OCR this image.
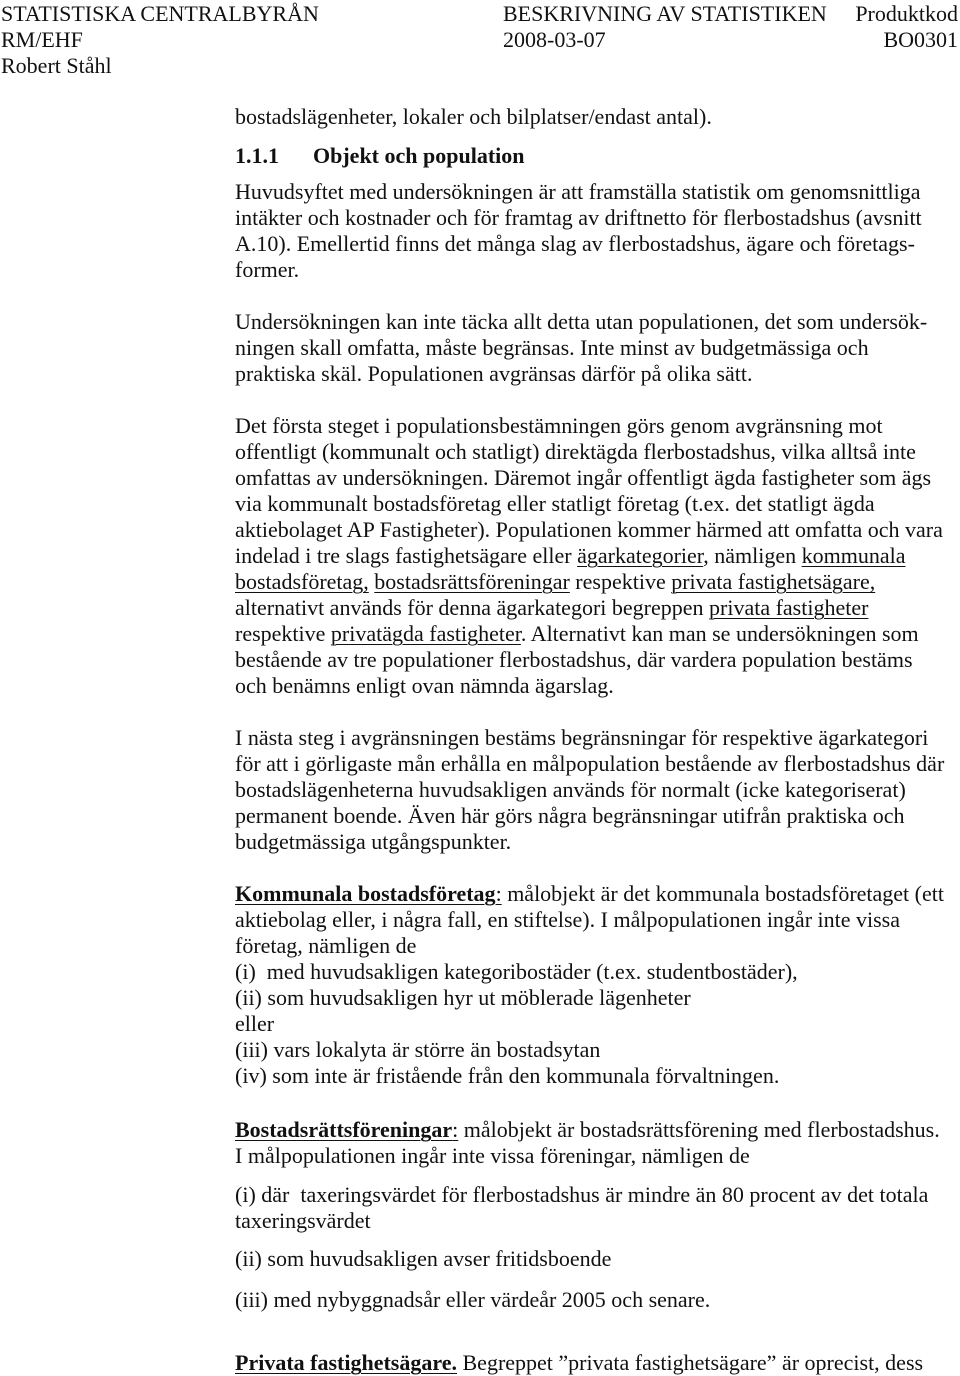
STATISTISKA CENTRALBYRÅN	BESKRIVNING AV STATISTIKEN Produktkod
RM/EHF	2008-03-07	BO0301
Robert Ståhl
bostadslägenheter, lokaler och bilplatser/endast antal).
1.1.1 Objekt och population
Huvudsyftet med undersökningen är att framställa statistik om genomsnittliga
intäkter och kostnader och för framtag av driftnetto för flerbostadshus (avsnitt
A.10). Emellertid finns det många slag av flerbostadshus, ägare och företags-
former.
Undersökningen kan inte täcka allt detta utan populationen, det som undersök-
ningen skall omfatta, måste begränsas. Inte minst av budgetmässiga och
praktiska skäl. Populationen avgränsas därför på olika sätt.
Det första steget i populationsbestämningen görs genom avgränsning mot
offentligt (kommunalt och statligt) direktägda flerbostadshus, vilka alltså inte
omfattas av undersökningen. Däremot ingår offentligt ägda fastigheter som ägs
via kommunalt bostadsföretag eller statligt företag (t.ex. det statligt ägda
aktiebolaget AP Fastigheter). Populationen kommer härmed att omfatta och vara
indelad i tre slags fastighetsägare eller ägarkategorier, nämligen kommunala
bostadsföretag, bostadsrättsföreningar respektive privata fastighetsägare,
alternativt används för denna ägarkategori begreppen privata fastigheter
respektive privatägda fastigheter. Alternativt kan man se undersökningen som
bestående av tre populationer flerbostadshus, där vardera population bestäms
och benämns enligt ovan nämnda ägarslag.
I nästa steg i avgränsningen bestäms begränsningar för respektive ägarkategori
för att i görligaste mån erhålla en målpopulation bestående av flerbostadshus där
bostadslägenheterna huvudsakligen används för normalt (icke kategoriserat)
permanent boende. Även här görs några begränsningar utifrån praktiska och
budgetmässiga utgångspunkter.
Kommunala bostadsföretag: målobjekt är det kommunala bostadsföretaget (ett
aktiebolag eller, i några fall, en stiftelse). I målpopulationen ingår inte vissa
företag, nämligen de
(i)  med huvudsakligen kategoribostäder (t.ex. studentbostäder),
(ii) som huvudsakligen hyr ut möblerade lägenheter
eller
(iii) vars lokalyta är större än bostadsytan
(iv) som inte är fristående från den kommunala förvaltningen.
Bostadsrättsföreningar: målobjekt är bostadsrättsförening med flerbostadshus.
I målpopulationen ingår inte vissa föreningar, nämligen de
(i) där  taxeringsvärdet för flerbostadshus är mindre än 80 procent av det totala
taxeringsvärdet
(ii) som huvudsakligen avser fritidsboende
(iii) med nybyggnadsår eller värdeår 2005 och senare.
Privata fastighetsägare. Begreppet ”privata fastighetsägare” är oprecist, dess
